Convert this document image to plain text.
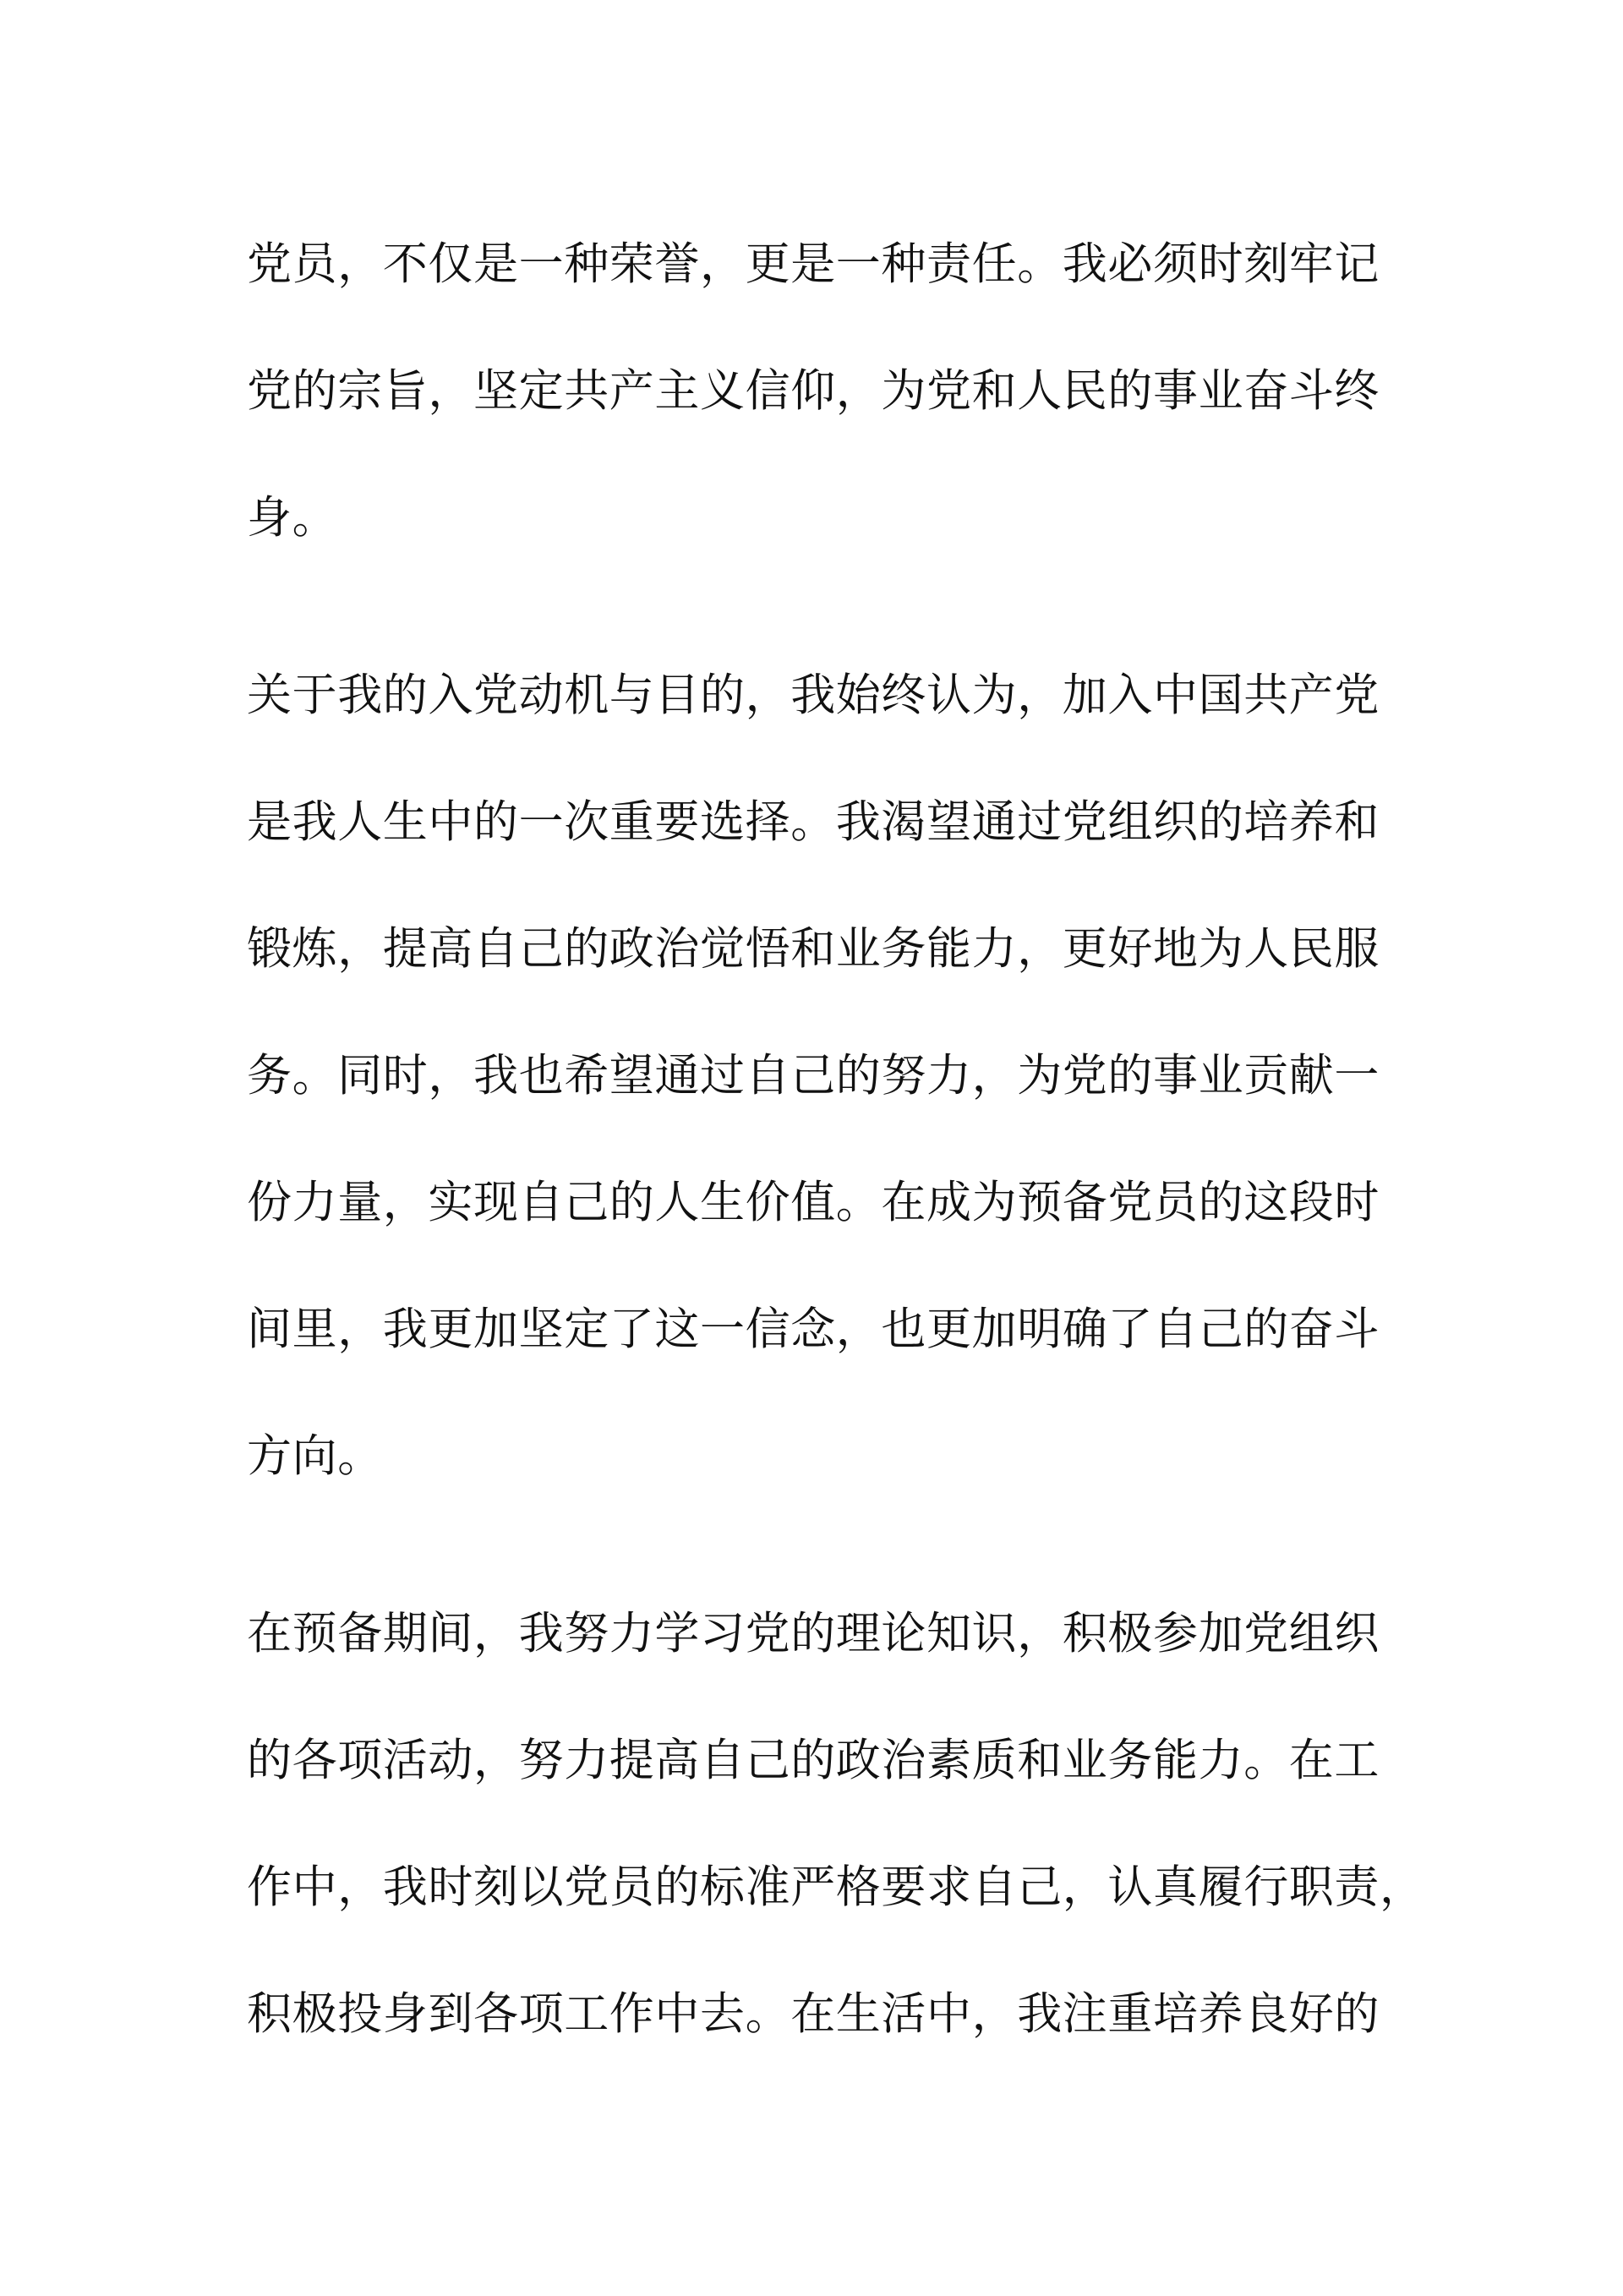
党员，不仅是一种荣誉，更是一种责任。我必须时刻牢记
党的宗旨，坚定共产主义信仰，为党和人民的事业奋斗终
身。
关于我的入党动机与目的，我始终认为，加入中国共产党
是我人生中的一次重要选择。我渴望通过党组织的培养和
锻炼，提高自己的政治觉悟和业务能力，更好地为人民服
务。同时，我也希望通过自己的努力，为党的事业贡献一
份力量，实现自己的人生价值。在成为预备党员的这段时
间里，我更加坚定了这一信念，也更加明确了自己的奋斗
方向。
在预备期间，我努力学习党的理论知识，积极参加党组织
的各项活动，努力提高自己的政治素质和业务能力。在工
作中，我时刻以党员的标准严格要求自己，认真履行职责，
积极投身到各项工作中去。在生活中，我注重培养良好的
